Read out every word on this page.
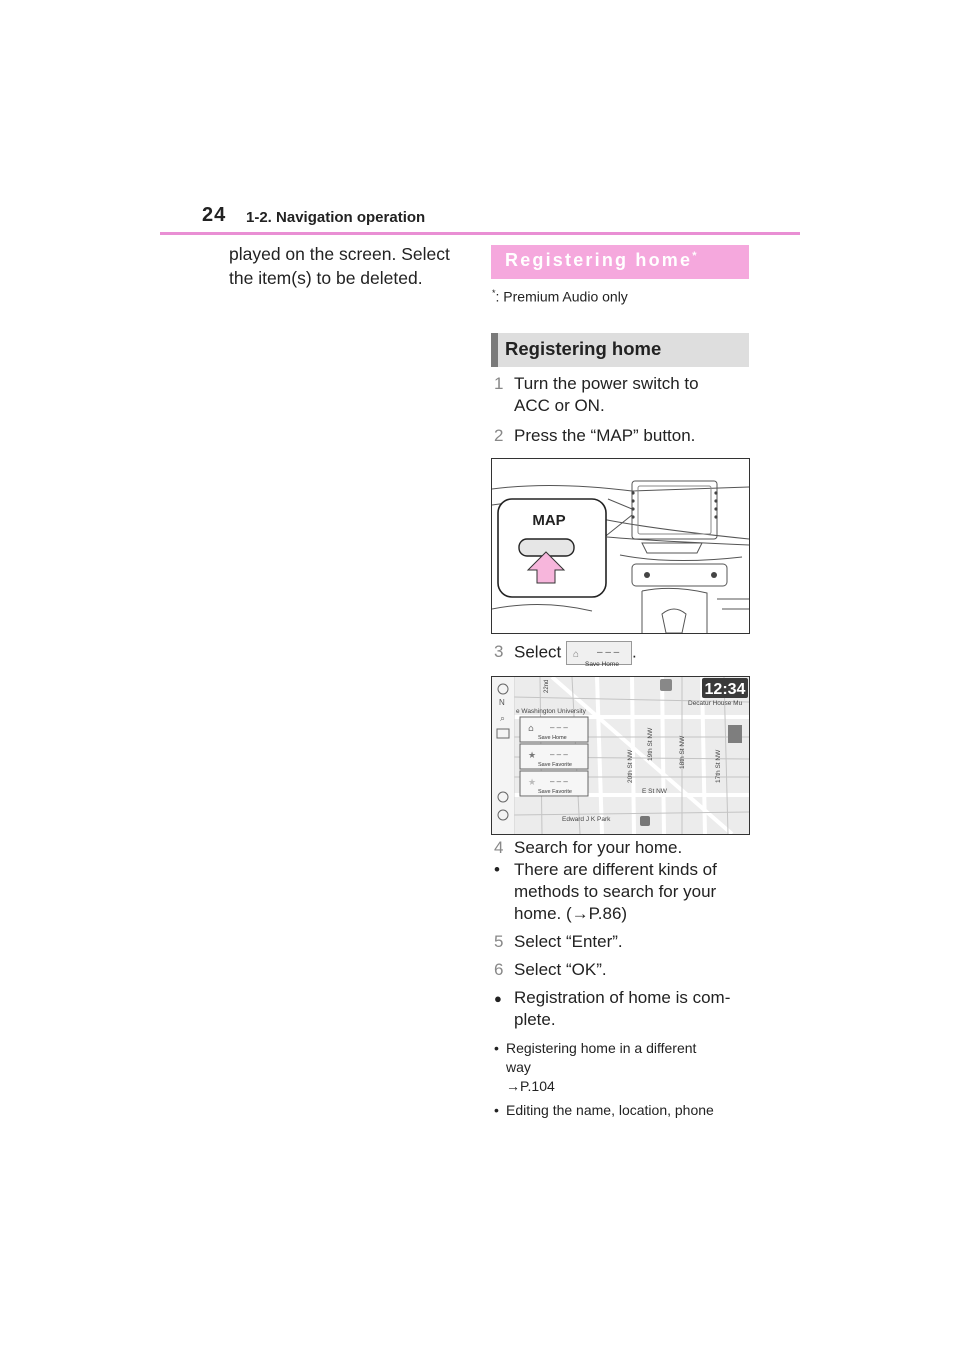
24 1-2. Navigation operation
played on the screen. Select the item(s) to be deleted.
Registering home*
*: Premium Audio only
Registering home
1 Turn the power switch to
ACC or ON.
2 Press the “MAP” button.
MAP
3 Select ⌂ – – –
Save Home
.
N
⌕
e Washington University
22nd
Decatur House Mu
12:34
20th St NW
19th St NW	18th St NW	17th St NW
E St NW
Edward J K Park
⌂ – – –
Save Home
★ – – –
Save Favorite
★ – – –
Save Favorite
4 Search for your home.
• There are different kinds of
methods to search for your
home. (→P.86)
5 Select “Enter”.
6 Select “OK”.
● Registration of home is com-
plete.
• Registering home in a different
way
→P.104
• Editing the name, location, phone
